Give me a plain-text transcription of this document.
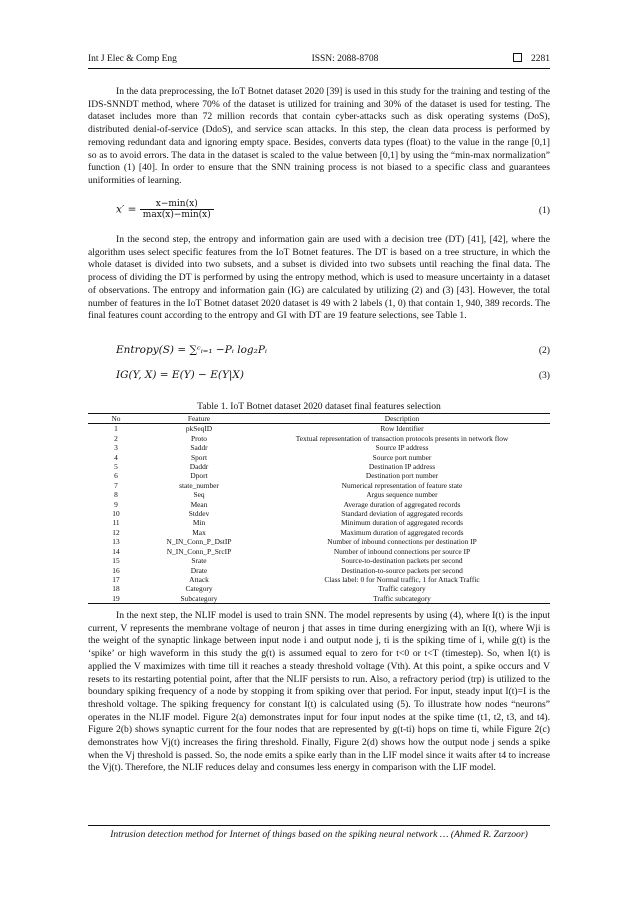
Int J Elec & Comp Eng	ISSN: 2088-8708	2281

In the data preprocessing, the IoT Botnet dataset 2020 [39] is used in this study for the training and testing of the IDS-SNNDT method, where 70% of the dataset is utilized for training and 30% of the dataset is used for testing. The dataset includes more than 72 million records that contain cyber-attacks such as disk operating systems (DoS), distributed denial-of-service (DdoS), and service scan attacks. In this step, the clean data process is performed by removing redundant data and ignoring empty space. Besides, converts data types (float) to the value in the range [0,1] so as to avoid errors. The data in the dataset is scaled to the value between [0,1] by using the “min-max normalization” function (1) [40]. In order to ensure that the SNN training process is not biased to a specific class and guarantees uniformities of learning.

$x' = \frac{x-\min(x)}{\max(x)-\min(x)}$	(1)

In the second step, the entropy and information gain are used with a decision tree (DT) [41], [42], where the algorithm uses select specific features from the IoT Botnet features. The DT is based on a tree structure, in which the whole dataset is divided into two subsets, and a subset is divided into two subsets until reaching the final data. The process of dividing the DT is performed by using the entropy method, which is used to measure uncertainty in a dataset of observations. The entropy and information gain (IG) are calculated by utilizing (2) and (3) [43]. However, the total number of features in the IoT Botnet dataset 2020 dataset is 49 with 2 labels (1, 0) that contain 1, 940, 389 records. The final features count according to the entropy and GI with DT are 19 feature selections, see Table 1.

Entropy(S) = ∑ᶜᵢ₌₁ −Pᵢ log₂Pᵢ	(2)
IG(Y, X) = E(Y) − E(Y|X)	(3)
Table 1. IoT Botnet dataset 2020 dataset final features selection
No	Feature	Description
1	pkSeqID	Row Identifier
2	Proto	Textual representation of transaction protocols presents in network flow
3	Saddr	Source IP address
4	Sport	Source port number
5	Daddr	Destination IP address
6	Dport	Destination port number
7	state_number	Numerical representation of feature state
8	Seq	Argus sequence number
9	Mean	Average duration of aggregated records
10	Stddev	Standard deviation of aggregated records
11	Min	Minimum duration of aggregated records
12	Max	Maximum duration of aggregated records
13	N_IN_Conn_P_DstIP	Number of inbound connections per destination IP
14	N_IN_Conn_P_SrcIP	Number of inbound connections per source IP
15	Srate	Source-to-destination packets per second
16	Drate	Destination-to-source packets per second
17	Attack	Class label: 0 for Normal traffic, 1 for Attack Traffic
18	Category	Traffic category
19	Subcategory	Traffic subcategory

In the next step, the NLIF model is used to train SNN. The model represents by using (4), where I(t) is the input current, V represents the membrane voltage of neuron j that asses in time during energizing with an I(t), where Wji is the weight of the synaptic linkage between input node i and output node j, ti is the spiking time of i, while g(t) is the ‘spike’ or high waveform in this study the g(t) is assumed equal to zero for t<0 or t<T (timestep). So, when I(t) is applied the V maximizes with time till it reaches a steady threshold voltage (Vth). At this point, a spike occurs and V resets to its restarting potential point, after that the NLIF persists to run. Also, a refractory period (trp) is utilized to the boundary spiking frequency of a node by stopping it from spiking over that period. For input, steady input I(t)=I is the threshold voltage. The spiking frequency for constant I(t) is calculated using (5). To illustrate how nodes “neurons” operates in the NLIF model. Figure 2(a) demonstrates input for four input nodes at the spike time (t1, t2, t3, and t4). Figure 2(b) shows synaptic current for the four nodes that are represented by g(t-ti) hops on time ti, while Figure 2(c) demonstrates how Vj(t) increases the firing threshold. Finally, Figure 2(d) shows how the output node j sends a spike when the Vj threshold is passed. So, the node emits a spike early than in the LIF model since it waits after t4 to increase the Vj(t). Therefore, the NLIF reduces delay and consumes less energy in comparison with the LIF model.

Intrusion detection method for Internet of things based on the spiking neural network … (Ahmed R. Zarzoor)
